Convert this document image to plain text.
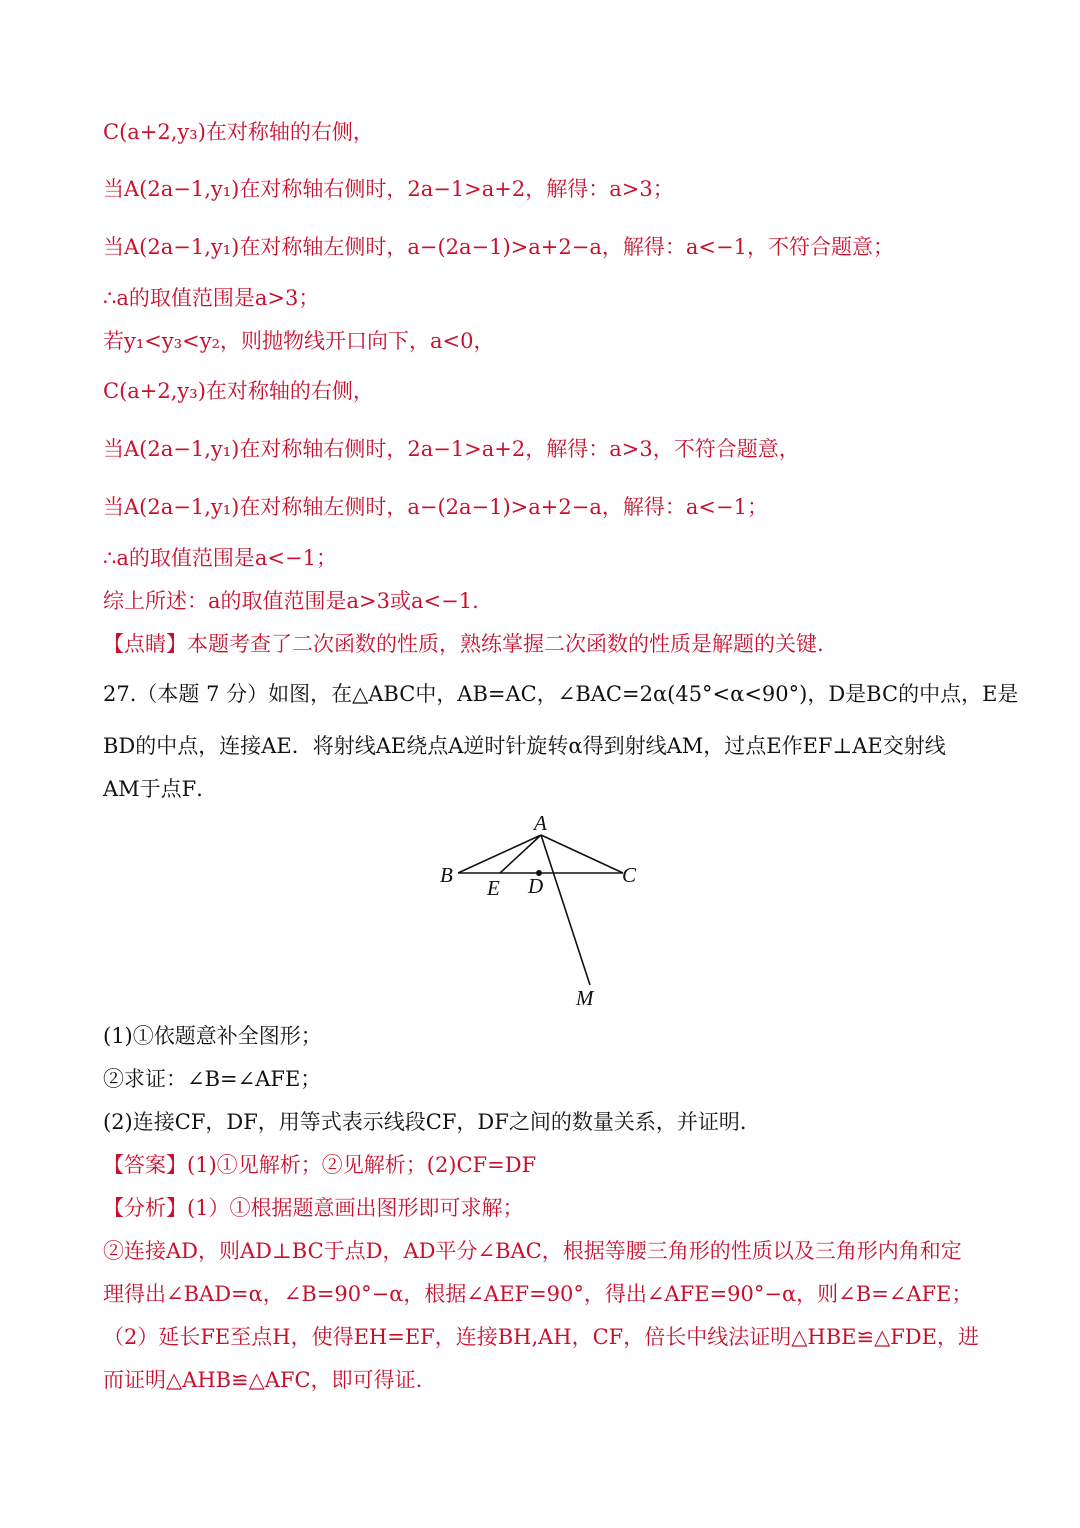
C(a+2,y₃)在对称轴的右侧，
当A(2a−1,y₁)在对称轴右侧时，2a−1>a+2，解得：a>3；
当A(2a−1,y₁)在对称轴左侧时，a−(2a−1)>a+2−a，解得：a<−1，不符合题意；
∴a的取值范围是a>3；
若y₁<y₃<y₂，则抛物线开口向下，a<0，
C(a+2,y₃)在对称轴的右侧，
当A(2a−1,y₁)在对称轴右侧时，2a−1>a+2，解得：a>3，不符合题意，
当A(2a−1,y₁)在对称轴左侧时，a−(2a−1)>a+2−a，解得：a<−1；
∴a的取值范围是a<−1；
综上所述：a的取值范围是a>3或a<−1.
【点睛】本题考查了二次函数的性质，熟练掌握二次函数的性质是解题的关键.
27.（本题 7 分）如图，在△ABC中，AB=AC，∠BAC=2α(45°<α<90°)，D是BC的中点，E是
BD的中点，连接AE．将射线AE绕点A逆时针旋转α得到射线AM，过点E作EF⊥AE交射线
AM于点F．
A
B	C
E D
M
(1)①依题意补全图形；
②求证：∠B=∠AFE；
(2)连接CF，DF，用等式表示线段CF，DF之间的数量关系，并证明．
【答案】(1)①见解析；②见解析；(2)CF=DF
【分析】(1）①根据题意画出图形即可求解；
②连接AD，则AD⊥BC于点D，AD平分∠BAC，根据等腰三角形的性质以及三角形内角和定
理得出∠BAD=α，∠B=90°−α，根据∠AEF=90°，得出∠AFE=90°−α，则∠B=∠AFE；
（2）延长FE至点H，使得EH=EF，连接BH,AH，CF，倍长中线法证明△HBE≌△FDE，进
而证明△AHB≌△AFC，即可得证.
